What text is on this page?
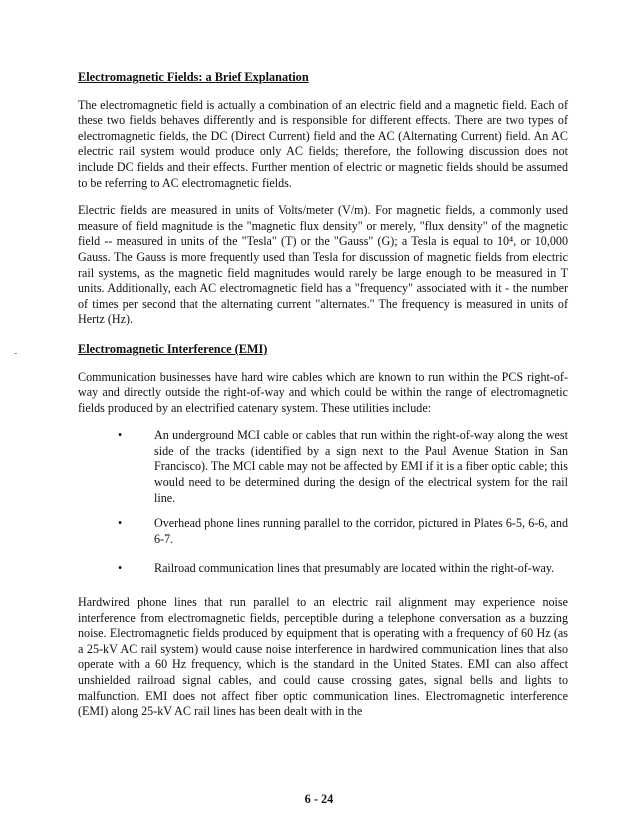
Electromagnetic Fields: a Brief Explanation

The electromagnetic field is actually a combination of an electric field and a magnetic field. Each of these two fields behaves differently and is responsible for different effects. There are two types of electromagnetic fields, the DC (Direct Current) field and the AC (Alternating Current) field. An AC electric rail system would produce only AC fields; therefore, the following discussion does not include DC fields and their effects. Further mention of electric or magnetic fields should be assumed to be referring to AC electromagnetic fields.

Electric fields are measured in units of Volts/meter (V/m). For magnetic fields, a commonly used measure of field magnitude is the "magnetic flux density" or merely, "flux density" of the magnetic field -- measured in units of the "Tesla" (T) or the "Gauss" (G); a Tesla is equal to 10⁴, or 10,000 Gauss. The Gauss is more frequently used than Tesla for discussion of magnetic fields from electric rail systems, as the magnetic field magnitudes would rarely be large enough to be measured in T units. Additionally, each AC electromagnetic field has a "frequency" associated with it - the number of times per second that the alternating current "alternates." The frequency is measured in units of Hertz (Hz).

Electromagnetic Interference (EMI)

Communication businesses have hard wire cables which are known to run within the PCS right-of-way and directly outside the right-of-way and which could be within the range of electromagnetic fields produced by an electrified catenary system. These utilities include:

•	An underground MCI cable or cables that run within the right-of-way along the west side of the tracks (identified by a sign next to the Paul Avenue Station in San Francisco). The MCI cable may not be affected by EMI if it is a fiber optic cable; this would need to be determined during the design of the electrical system for the rail line.
•	Overhead phone lines running parallel to the corridor, pictured in Plates 6-5, 6-6, and 6-7.
•	Railroad communication lines that presumably are located within the right-of-way.

Hardwired phone lines that run parallel to an electric rail alignment may experience noise interference from electromagnetic fields, perceptible during a telephone conversation as a buzzing noise. Electromagnetic fields produced by equipment that is operating with a frequency of 60 Hz (as a 25-kV AC rail system) would cause noise interference in hardwired communication lines that also operate with a 60 Hz frequency, which is the standard in the United States. EMI can also affect unshielded railroad signal cables, and could cause crossing gates, signal bells and lights to malfunction. EMI does not affect fiber optic communication lines. Electromagnetic interference (EMI) along 25-kV AC rail lines has been dealt with in the

6 - 24
